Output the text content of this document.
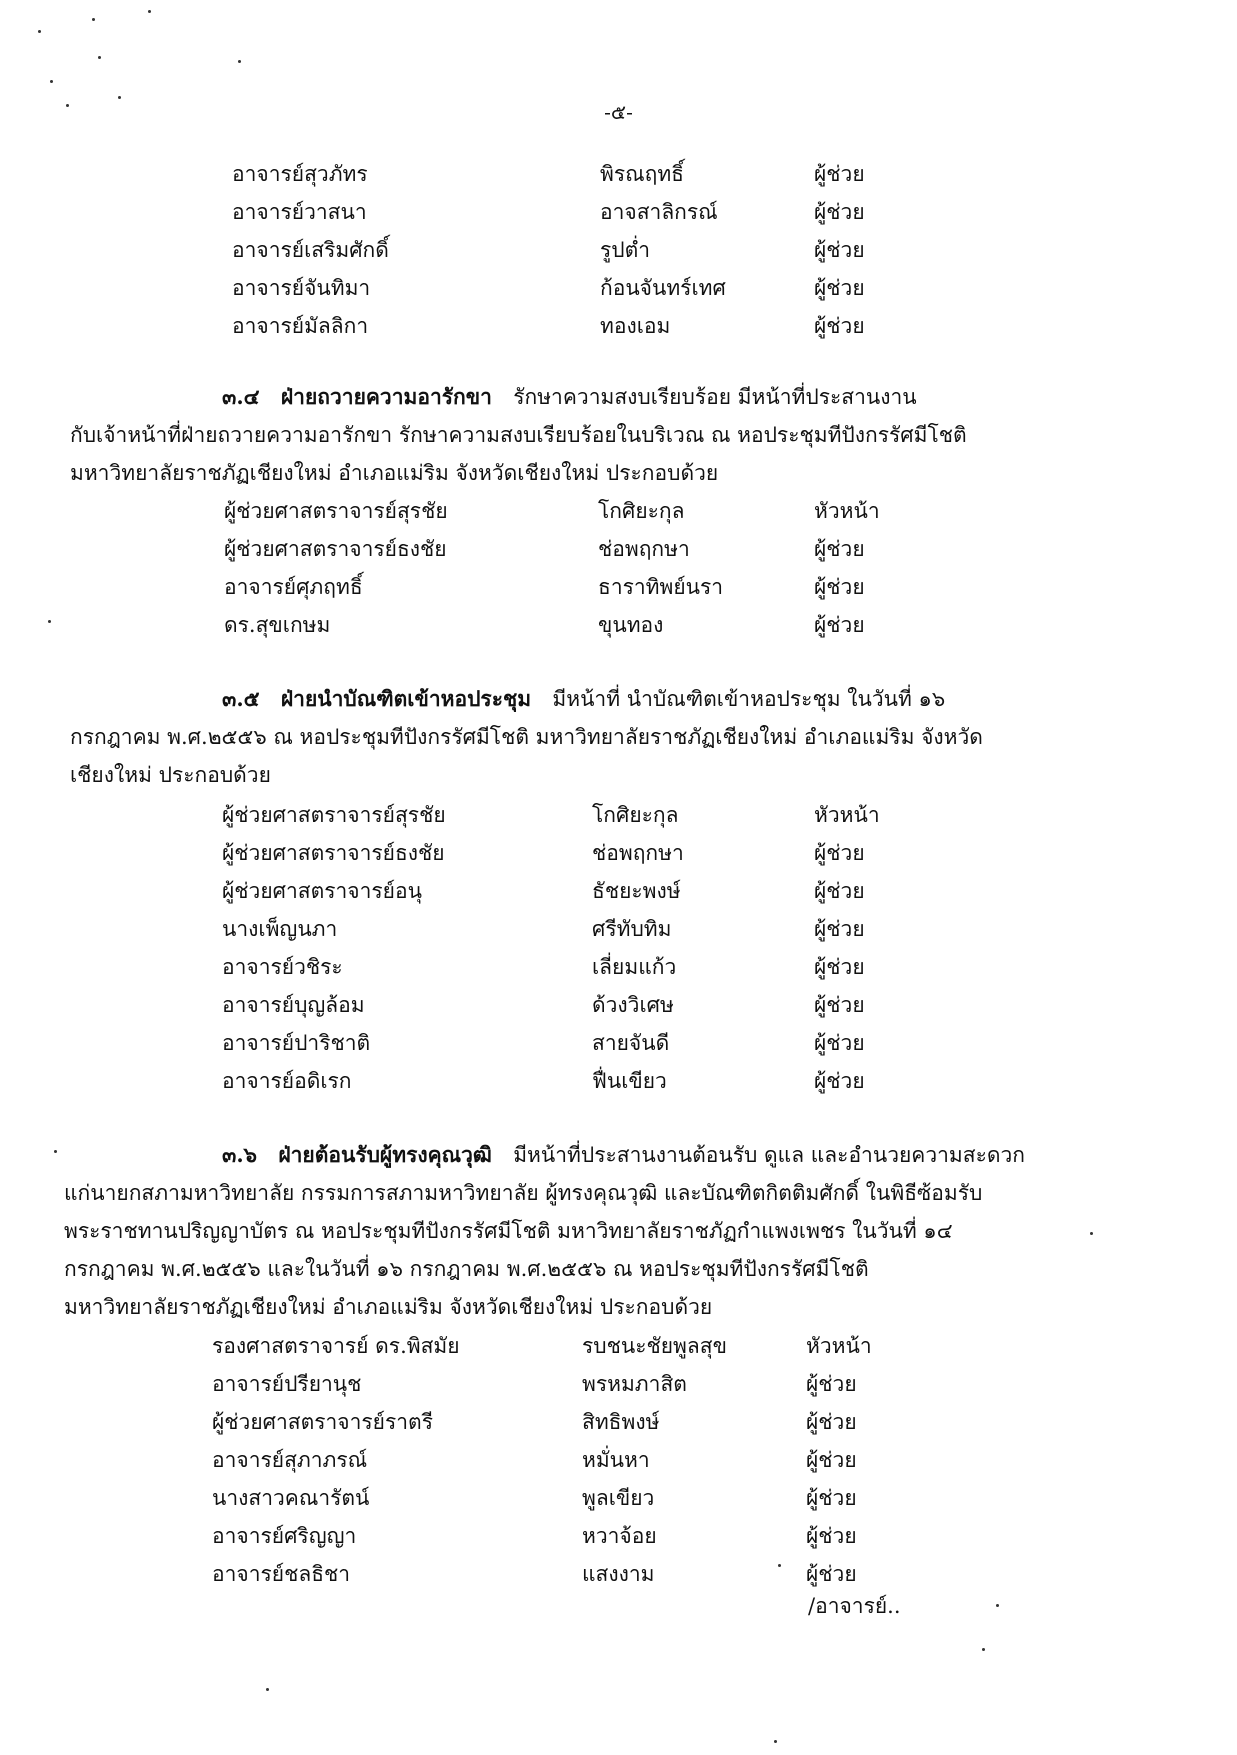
-๕-
อาจารย์สุวภัทร	พิรณฤทธิ์	ผู้ช่วย
อาจารย์วาสนา	อาจสาลิกรณ์	ผู้ช่วย
อาจารย์เสริมศักดิ์	รูปต่ำ	ผู้ช่วย
อาจารย์จันทิมา	ก้อนจันทร์เทศ	ผู้ช่วย
อาจารย์มัลลิกา	ทองเอม	ผู้ช่วย
๓.๔   ฝ่ายถวายความอารักขา   รักษาความสงบเรียบร้อย มีหน้าที่ประสานงาน
กับเจ้าหน้าที่ฝ่ายถวายความอารักขา รักษาความสงบเรียบร้อยในบริเวณ ณ หอประชุมทีปังกรรัศมีโชติ
มหาวิทยาลัยราชภัฏเชียงใหม่ อำเภอแม่ริม จังหวัดเชียงใหม่ ประกอบด้วย
ผู้ช่วยศาสตราจารย์สุรชัย	โกศิยะกุล	หัวหน้า
ผู้ช่วยศาสตราจารย์ธงชัย	ช่อพฤกษา	ผู้ช่วย
อาจารย์ศุภฤทธิ์	ธาราทิพย์นรา	ผู้ช่วย
ดร.สุขเกษม	ขุนทอง	ผู้ช่วย
๓.๕   ฝ่ายนำบัณฑิตเข้าหอประชุม   มีหน้าที่ นำบัณฑิตเข้าหอประชุม ในวันที่ ๑๖
กรกฎาคม พ.ศ.๒๕๕๖ ณ หอประชุมทีปังกรรัศมีโชติ มหาวิทยาลัยราชภัฏเชียงใหม่ อำเภอแม่ริม จังหวัด
เชียงใหม่ ประกอบด้วย
ผู้ช่วยศาสตราจารย์สุรชัย	โกศิยะกุล	หัวหน้า
ผู้ช่วยศาสตราจารย์ธงชัย	ช่อพฤกษา	ผู้ช่วย
ผู้ช่วยศาสตราจารย์อนุ	ธัชยะพงษ์	ผู้ช่วย
นางเพ็ญนภา	ศรีทับทิม	ผู้ช่วย
อาจารย์วชิระ	เลี่ยมแก้ว	ผู้ช่วย
อาจารย์บุญล้อม	ด้วงวิเศษ	ผู้ช่วย
อาจารย์ปาริชาติ	สายจันดี	ผู้ช่วย
อาจารย์อดิเรก	ฟื่นเขียว	ผู้ช่วย
๓.๖   ฝ่ายต้อนรับผู้ทรงคุณวุฒิ   มีหน้าที่ประสานงานต้อนรับ ดูแล และอำนวยความสะดวก
แก่นายกสภามหาวิทยาลัย กรรมการสภามหาวิทยาลัย ผู้ทรงคุณวุฒิ และบัณฑิตกิตติมศักดิ์ ในพิธีซ้อมรับ
พระราชทานปริญญาบัตร ณ หอประชุมทีปังกรรัศมีโชติ มหาวิทยาลัยราชภัฏกำแพงเพชร ในวันที่ ๑๔
กรกฎาคม พ.ศ.๒๕๕๖ และในวันที่ ๑๖ กรกฎาคม พ.ศ.๒๕๕๖ ณ หอประชุมทีปังกรรัศมีโชติ
มหาวิทยาลัยราชภัฏเชียงใหม่ อำเภอแม่ริม จังหวัดเชียงใหม่ ประกอบด้วย
รองศาสตราจารย์ ดร.พิสมัย	รบชนะชัยพูลสุข	หัวหน้า
อาจารย์ปรียานุช	พรหมภาสิต	ผู้ช่วย
ผู้ช่วยศาสตราจารย์ราตรี	สิทธิพงษ์	ผู้ช่วย
อาจารย์สุภาภรณ์	หมั่นหา	ผู้ช่วย
นางสาวคณารัตน์	พูลเขียว	ผู้ช่วย
อาจารย์ศริญญา	หวาจ้อย	ผู้ช่วย
อาจารย์ชลธิชา	แสงงาม	ผู้ช่วย
/อาจารย์..
